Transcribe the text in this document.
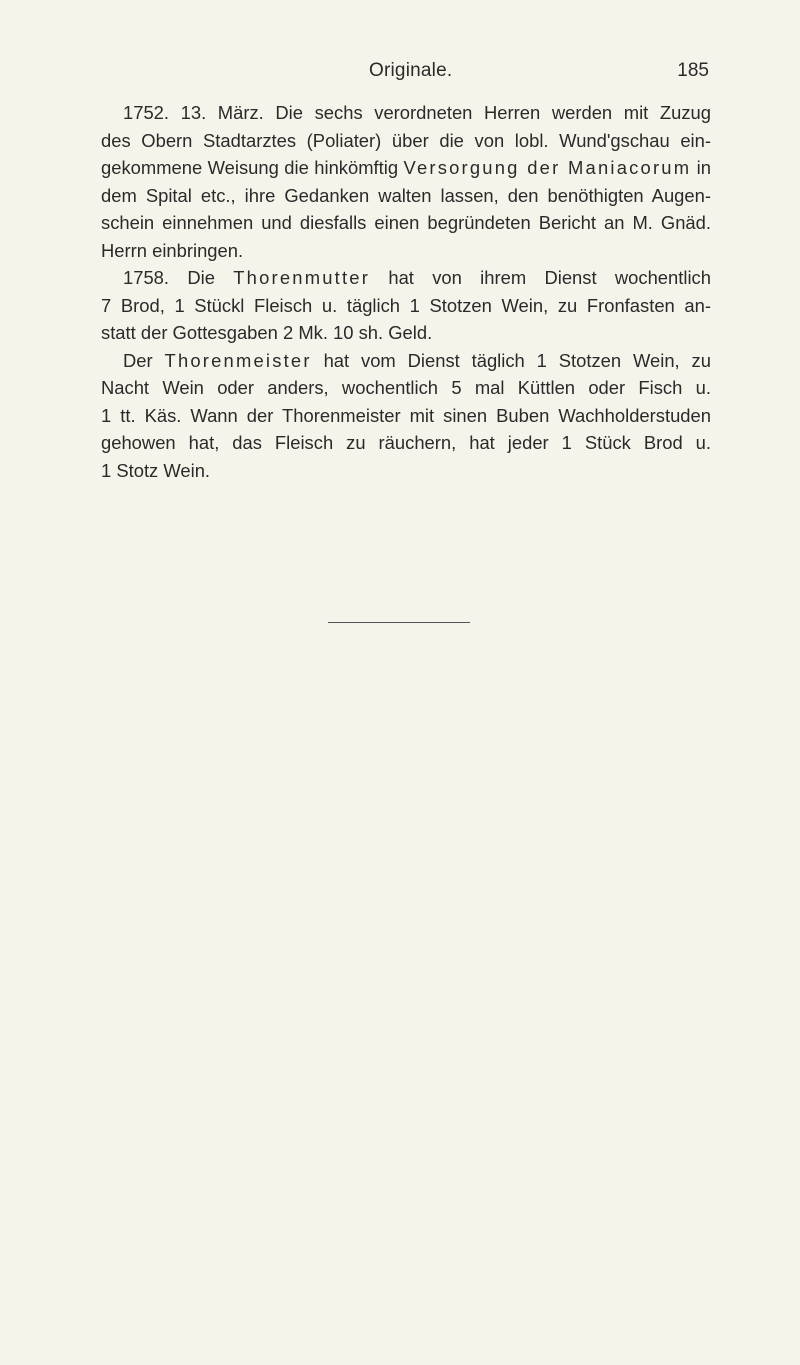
Originale.	185
1752. 13. März. Die sechs verordneten Herren werden mit Zuzug
des Obern Stadtarztes (Poliater) über die von lobl. Wund'gschau ein-
gekommene Weisung die hinkömftig Versorgung der Maniacorum in
dem Spital etc., ihre Gedanken walten lassen, den benöthigten Augen-
schein einnehmen und diesfalls einen begründeten Bericht an M. Gnäd.
Herrn einbringen.
1758. Die Thorenmutter hat von ihrem Dienst wochentlich
7 Brod, 1 Stückl Fleisch u. täglich 1 Stotzen Wein, zu Fronfasten an-
statt der Gottesgaben 2 Mk. 10 sh. Geld.
Der Thorenmeister hat vom Dienst täglich 1 Stotzen Wein, zu
Nacht Wein oder anders, wochentlich 5 mal Küttlen oder Fisch u.
1 tt. Käs. Wann der Thorenmeister mit sinen Buben Wachholderstuden
gehowen hat, das Fleisch zu räuchern, hat jeder 1 Stück Brod u.
1 Stotz Wein.
